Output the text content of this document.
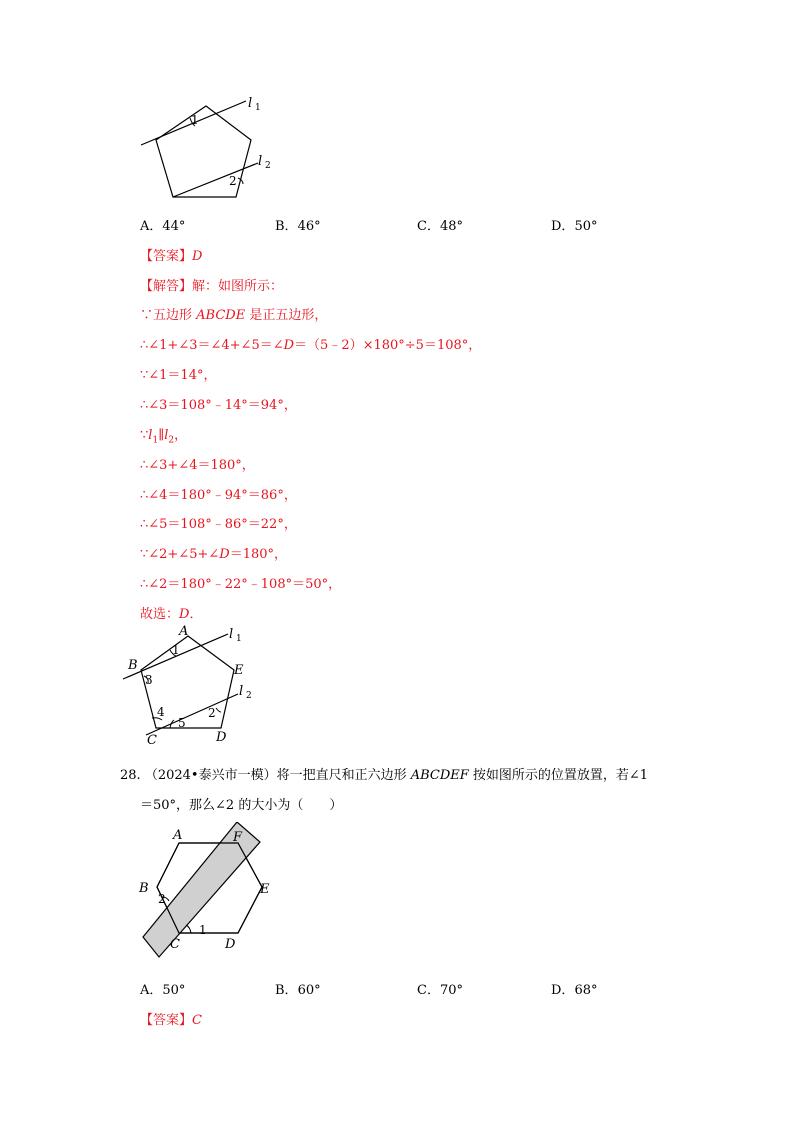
l 1
l 2
1
2
A．44°	B．46°	C．48°	D．50°
【答案】D
【解答】解：如图所示：
∵五边形 ABCDE 是正五边形，
∴∠1+∠3＝∠4+∠5＝∠D＝（5﹣2）×180°÷5＝108°，
∵∠1＝14°，
∴∠3＝108°﹣14°＝94°，
$\because l_1\parallel l_2$，
∴∠3+∠4＝180°，
∴∠4＝180°﹣94°＝86°，
∴∠5＝108°﹣86°＝22°，
∵∠2+∠5+∠D＝180°，
∴∠2＝180°﹣22°﹣108°＝50°，
故选：D．
A
B
C	D
E
l 1
l 2
1
3
4
5
2
28. （2024•泰兴市一模）将一把直尺和正六边形 ABCDEF 按如图所示的位置放置，若∠1
＝50°，那么∠2 的大小为（　　）
A
B
C	D
E
F
1
2
A．50°	B．60°	C．70°	D．68°
【答案】C
